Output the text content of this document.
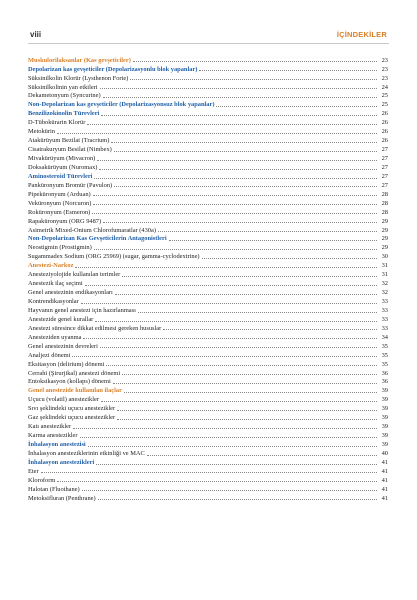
viii	İÇİNDEKİLER
Muskulorilaksanlar (Kas gevşeticiler)	23
Depolarizan kas gevşeticiler (Depolarizasyonlu blok yapanlar)	23
Süksinilkolin Klorür (Lysthenon Forte)	23
Süksinilkolinin yan etkileri	24
Dekametonyum (Syncurine)	25
Non-Depolarizan kas gevşeticiler (Depolarizasyonsuz blok yapanlar)	25
Benzilizokinolin Türevleri	26
D-Tübokürarin Klorür	26
Metokürin	26
Atakürüyum Bezilat (Tracrium)	26
Cisatrakuryum Besilat (Nimbex)	27
Mivakürüyum (Mivacron)	27
Doksakürüyum (Nuromax)	27
Aminosteroid Türevleri	27
Pankürоnyum Bromür (Pavulon)	27
Pipekürоnyum (Arduan)	28
Vekürоnyum (Norcuron)	28
Rokürоnyum (Esmeron)	28
Rapakürоnyum (ORG 9487)	29
Asimetrik Mixed-Onium Chlorofumaratlar (430a)	29
Non-Depolarizan Kas Gevşeticilerin Antagonistleri	29
Neostigmin (Prostigmin)	29
Sugammadex Sodium (ORG 25969) (sugar, gamma-cyclodextrine)	30
Anestezi-Narkoz	31
Anesteziyolojide kullanılan terimler	31
Anestezik ilaç seçimi	32
Genel anestezinin endikasyonları	32
Kontrendikasyonlar	33
Hayvanın genel anestezi için hazırlanması	33
Anestezide genel kurallar	33
Anestezi süresince dikkat edilmesi gereken hususlar	33
Anesteziden uyanma	34
Genel anestezinin devreleri	35
Analjezi dönemi	35
Eksitasyon (delirium) dönemi	35
Cerrahi (Şirurjikal) anestezi dönemi	36
Entoksikasyon (kollaps) dönemi	36
Genel anestezide kullanılan ilaçlar	39
Uçucu (volatil) anestezikler	39
Sıvı şeklindeki uçucu anestezikler	39
Gaz şeklindeki uçucu anestezikler	39
Katı anestezikler	39
Karma anestezikler	39
İnhalasyon anestezisi	39
İnhalasyon anesteziklerinin etkinliği ve MAC	40
İnhalasyon anestezikleri	41
Eter	41
Kloroform	41
Halotan (Fluothane)	41
Metoksifluran (Penthrane)	41
